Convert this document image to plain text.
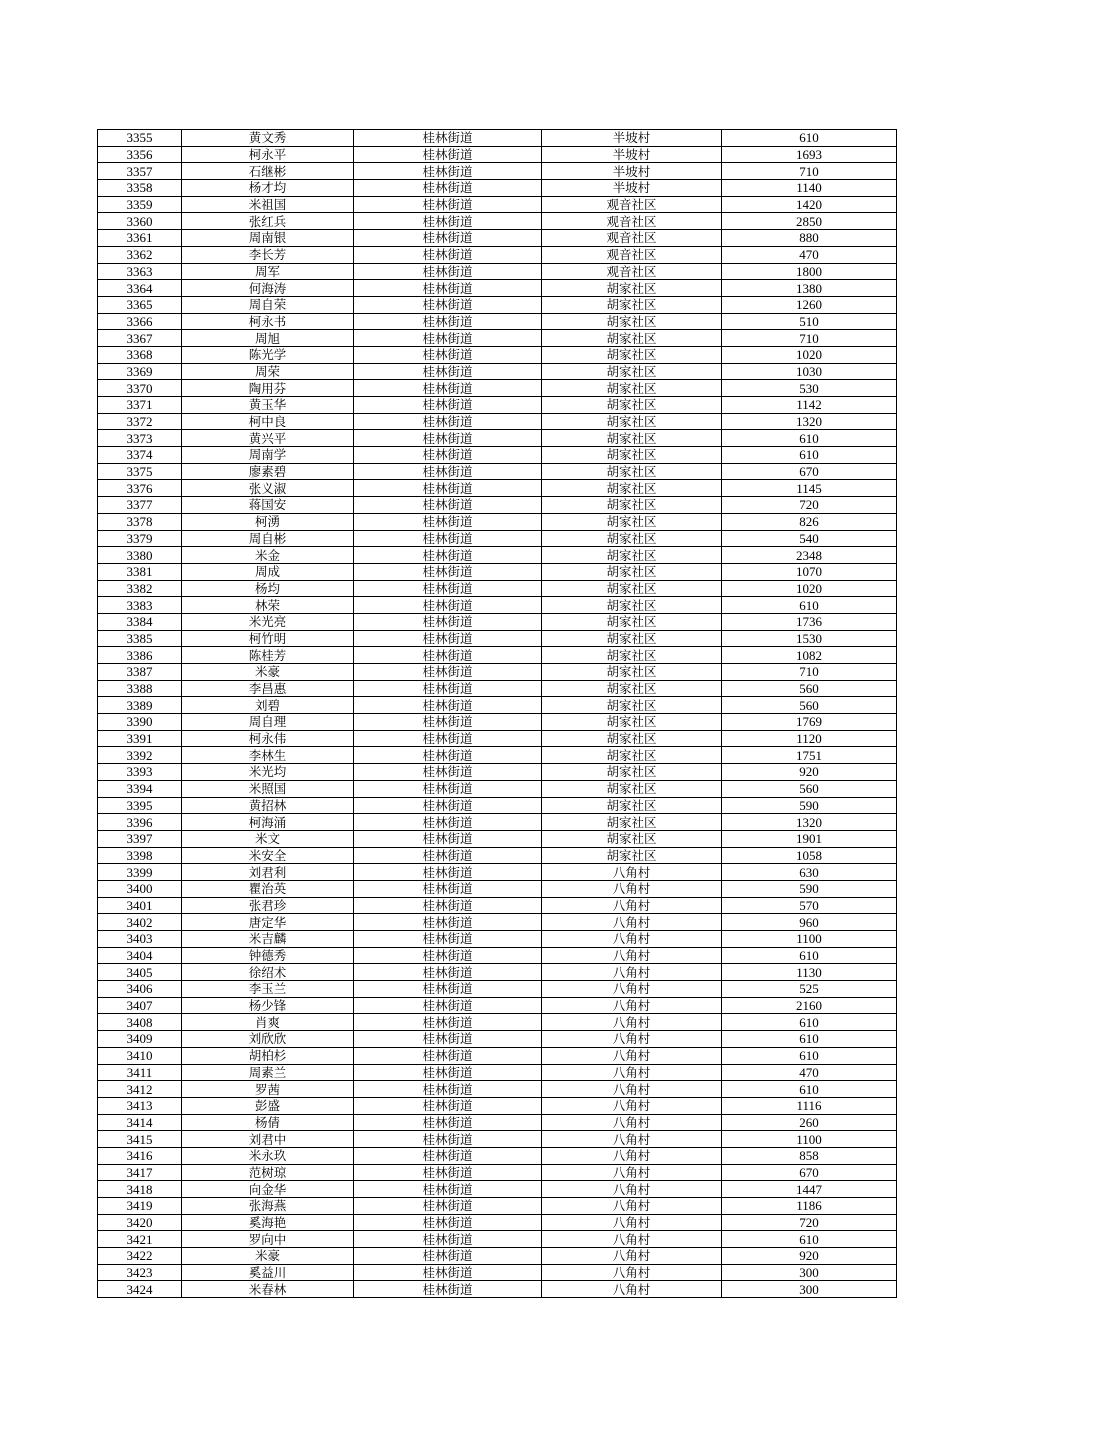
3355	黄文秀	桂林街道	半坡村	610
3356	柯永平	桂林街道	半坡村	1693
3357	石继彬	桂林街道	半坡村	710
3358	杨才均	桂林街道	半坡村	1140
3359	米祖国	桂林街道	观音社区	1420
3360	张红兵	桂林街道	观音社区	2850
3361	周南银	桂林街道	观音社区	880
3362	李长芳	桂林街道	观音社区	470
3363	周军	桂林街道	观音社区	1800
3364	何海涛	桂林街道	胡家社区	1380
3365	周自荣	桂林街道	胡家社区	1260
3366	柯永书	桂林街道	胡家社区	510
3367	周旭	桂林街道	胡家社区	710
3368	陈光学	桂林街道	胡家社区	1020
3369	周荣	桂林街道	胡家社区	1030
3370	陶用芬	桂林街道	胡家社区	530
3371	黄玉华	桂林街道	胡家社区	1142
3372	柯中良	桂林街道	胡家社区	1320
3373	黄兴平	桂林街道	胡家社区	610
3374	周南学	桂林街道	胡家社区	610
3375	廖素碧	桂林街道	胡家社区	670
3376	张义淑	桂林街道	胡家社区	1145
3377	蒋国安	桂林街道	胡家社区	720
3378	柯湧	桂林街道	胡家社区	826
3379	周自彬	桂林街道	胡家社区	540
3380	米金	桂林街道	胡家社区	2348
3381	周成	桂林街道	胡家社区	1070
3382	杨均	桂林街道	胡家社区	1020
3383	林荣	桂林街道	胡家社区	610
3384	米光亮	桂林街道	胡家社区	1736
3385	柯竹明	桂林街道	胡家社区	1530
3386	陈桂芳	桂林街道	胡家社区	1082
3387	米豪	桂林街道	胡家社区	710
3388	李昌惠	桂林街道	胡家社区	560
3389	刘碧	桂林街道	胡家社区	560
3390	周自理	桂林街道	胡家社区	1769
3391	柯永伟	桂林街道	胡家社区	1120
3392	李林生	桂林街道	胡家社区	1751
3393	米光均	桂林街道	胡家社区	920
3394	米照国	桂林街道	胡家社区	560
3395	黄招林	桂林街道	胡家社区	590
3396	柯海涌	桂林街道	胡家社区	1320
3397	米文	桂林街道	胡家社区	1901
3398	米安全	桂林街道	胡家社区	1058
3399	刘君利	桂林街道	八角村	630
3400	瞿治英	桂林街道	八角村	590
3401	张君珍	桂林街道	八角村	570
3402	唐定华	桂林街道	八角村	960
3403	米吉麟	桂林街道	八角村	1100
3404	钟德秀	桂林街道	八角村	610
3405	徐绍术	桂林街道	八角村	1130
3406	李玉兰	桂林街道	八角村	525
3407	杨少锋	桂林街道	八角村	2160
3408	肖爽	桂林街道	八角村	610
3409	刘欣欣	桂林街道	八角村	610
3410	胡柏杉	桂林街道	八角村	610
3411	周素兰	桂林街道	八角村	470
3412	罗茜	桂林街道	八角村	610
3413	彭盛	桂林街道	八角村	1116
3414	杨倩	桂林街道	八角村	260
3415	刘君中	桂林街道	八角村	1100
3416	米永玖	桂林街道	八角村	858
3417	范树琼	桂林街道	八角村	670
3418	向金华	桂林街道	八角村	1447
3419	张海燕	桂林街道	八角村	1186
3420	奚海艳	桂林街道	八角村	720
3421	罗向中	桂林街道	八角村	610
3422	米豪	桂林街道	八角村	920
3423	奚益川	桂林街道	八角村	300
3424	米春林	桂林街道	八角村	300
